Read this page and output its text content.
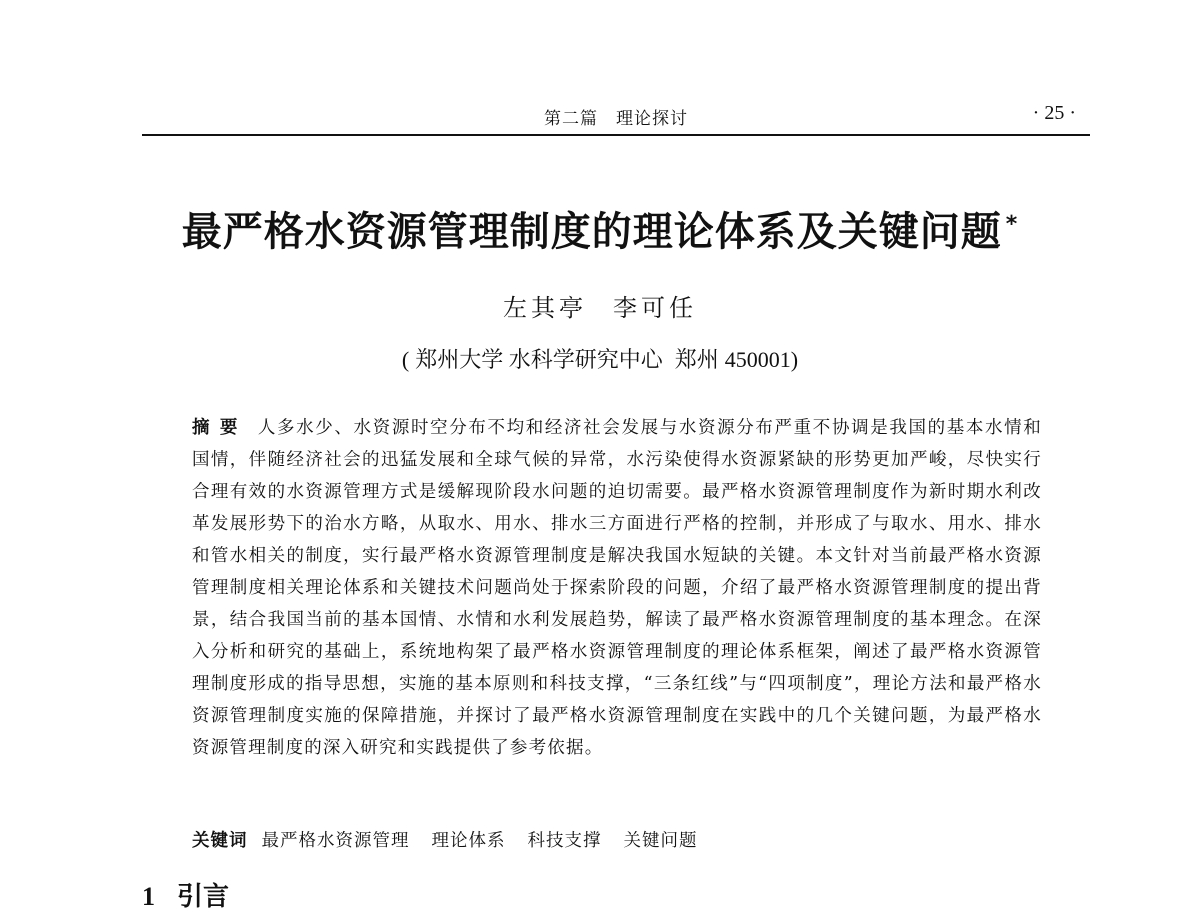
第二篇　理论探讨	· 25 ·
最严格水资源管理制度的理论体系及关键问题 *
左其亭 李可任
( 郑州大学 水科学研究中心 郑州 450001)
摘要 人多水少、水资源时空分布不均和经济社会发展与水资源分布严重不协调是我国的基本水情和国情，伴随经济社会的迅猛发展和全球气候的异常，水污染使得水资源紧缺的形势更加严峻，尽快实行合理有效的水资源管理方式是缓解现阶段水问题的迫切需要。最严格水资源管理制度作为新时期水利改革发展形势下的治水方略，从取水、用水、排水三方面进行严格的控制，并形成了与取水、用水、排水和管水相关的制度，实行最严格水资源管理制度是解决我国水短缺的关键。本文针对当前最严格水资源管理制度相关理论体系和关键技术问题尚处于探索阶段的问题，介绍了最严格水资源管理制度的提出背景，结合我国当前的基本国情、水情和水利发展趋势，解读了最严格水资源管理制度的基本理念。在深入分析和研究的基础上，系统地构架了最严格水资源管理制度的理论体系框架，阐述了最严格水资源管理制度形成的指导思想，实施的基本原则和科技支撑，“三条红线”与“四项制度”，理论方法和最严格水资源管理制度实施的保障措施，并探讨了最严格水资源管理制度在实践中的几个关键问题，为最严格水资源管理制度的深入研究和实践提供了参考依据。
关键词 最严格水资源管理 理论体系 科技支撑 关键问题
1 引言
